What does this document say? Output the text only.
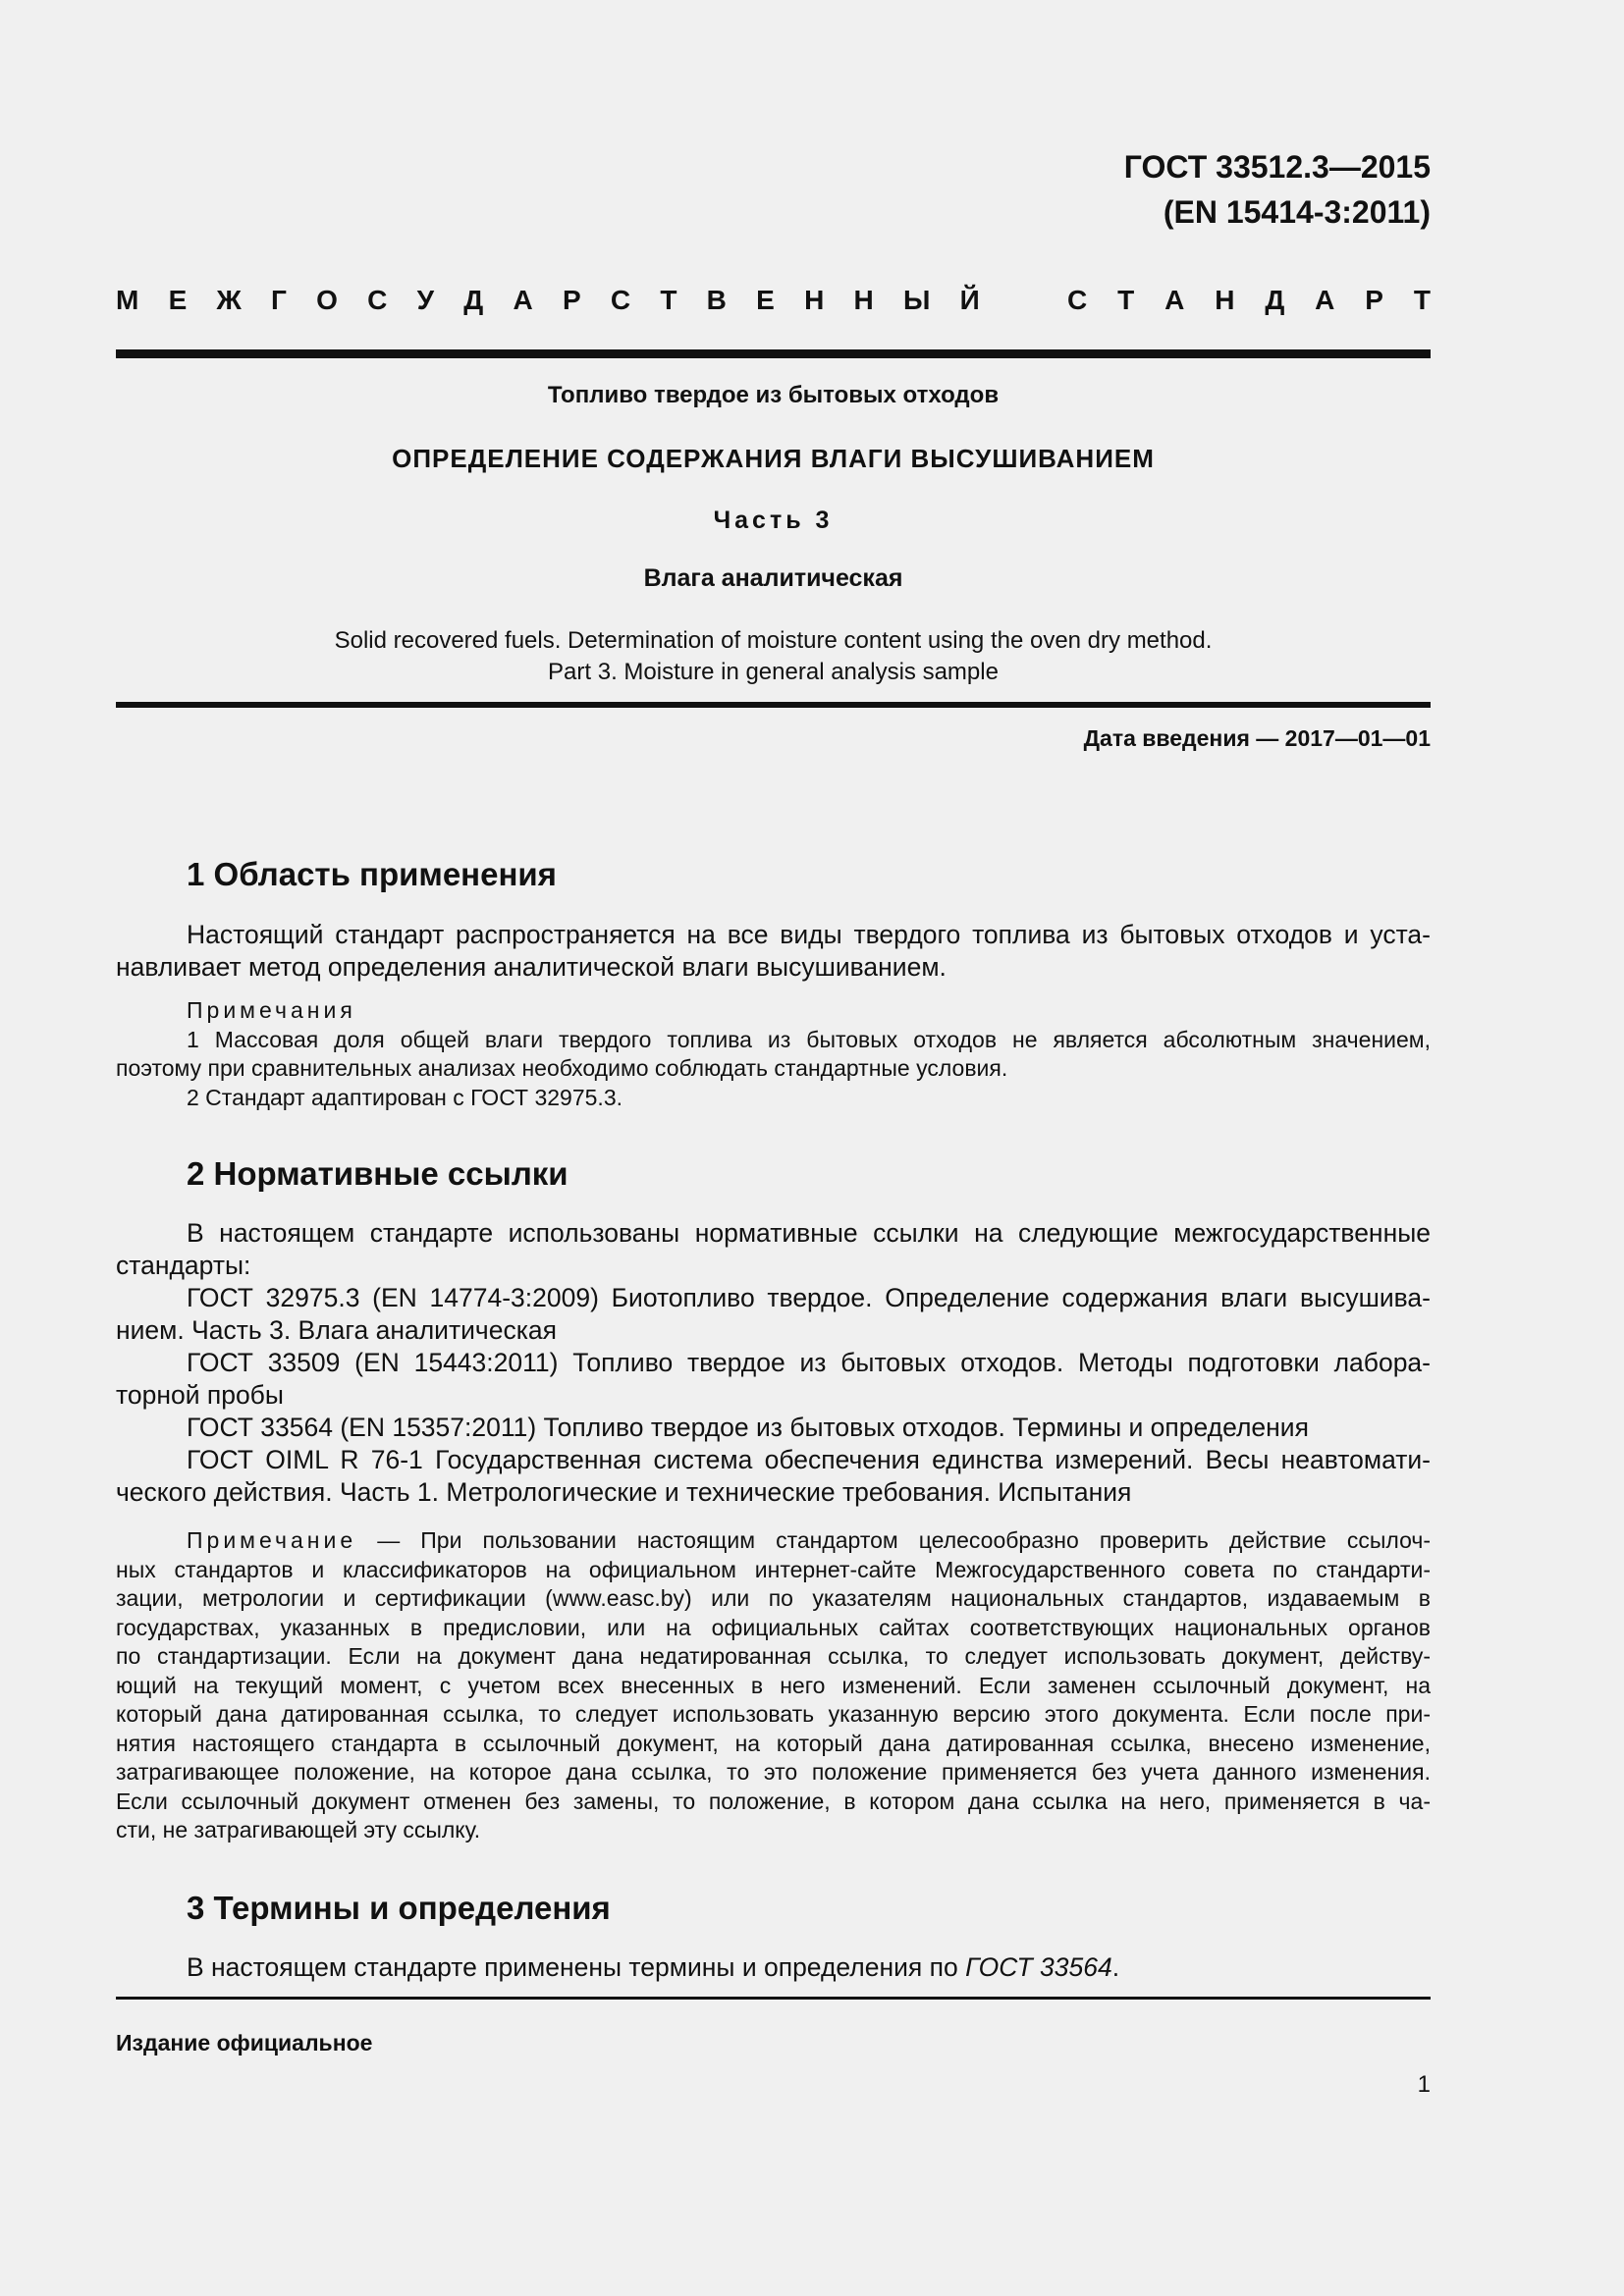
ГОСТ 33512.3—2015
(EN 15414-3:2011)
М Е Ж Г О С У Д А Р С Т В Е Н Н Ы Й	С Т А Н Д А Р Т
Топливо твердое из бытовых отходов
ОПРЕДЕЛЕНИЕ СОДЕРЖАНИЯ ВЛАГИ ВЫСУШИВАНИЕМ
Часть 3
Влага аналитическая
Solid recovered fuels. Determination of moisture content using the oven dry method.
Part 3. Moisture in general analysis sample
Дата введения — 2017—01—01
1 Область применения
Настоящий стандарт распространяется на все виды твердого топлива из бытовых отходов и уста-
навливает метод определения аналитической влаги высушиванием.
Примечания
1 Массовая доля общей влаги твердого топлива из бытовых отходов не является абсолютным значением,
поэтому при сравнительных анализах необходимо соблюдать стандартные условия.
2 Стандарт адаптирован с ГОСТ 32975.3.
2 Нормативные ссылки
В настоящем стандарте использованы нормативные ссылки на следующие межгосударственные
стандарты:
ГОСТ 32975.3 (EN 14774-3:2009) Биотопливо твердое. Определение содержания влаги высушива-
нием. Часть 3. Влага аналитическая
ГОСТ 33509 (EN 15443:2011) Топливо твердое из бытовых отходов. Методы подготовки лабора-
торной пробы
ГОСТ 33564 (EN 15357:2011) Топливо твердое из бытовых отходов. Термины и определения
ГОСТ OIML R 76-1 Государственная система обеспечения единства измерений. Весы неавтомати-
ческого действия. Часть 1. Метрологические и технические требования. Испытания
Примечание — При пользовании настоящим стандартом целесообразно проверить действие ссылоч-
ных стандартов и классификаторов на официальном интернет-сайте Межгосударственного совета по стандарти-
зации, метрологии и сертификации (www.easc.by) или по указателям национальных стандартов, издаваемым в
государствах, указанных в предисловии, или на официальных сайтах соответствующих национальных органов
по стандартизации. Если на документ дана недатированная ссылка, то следует использовать документ, действу-
ющий на текущий момент, с учетом всех внесенных в него изменений. Если заменен ссылочный документ, на
который дана датированная ссылка, то следует использовать указанную версию этого документа. Если после при-
нятия настоящего стандарта в ссылочный документ, на который дана датированная ссылка, внесено изменение,
затрагивающее положение, на которое дана ссылка, то это положение применяется без учета данного изменения.
Если ссылочный документ отменен без замены, то положение, в котором дана ссылка на него, применяется в ча-
сти, не затрагивающей эту ссылку.
3 Термины и определения
В настоящем стандарте применены термины и определения по ГОСТ 33564.
Издание официальное
1
